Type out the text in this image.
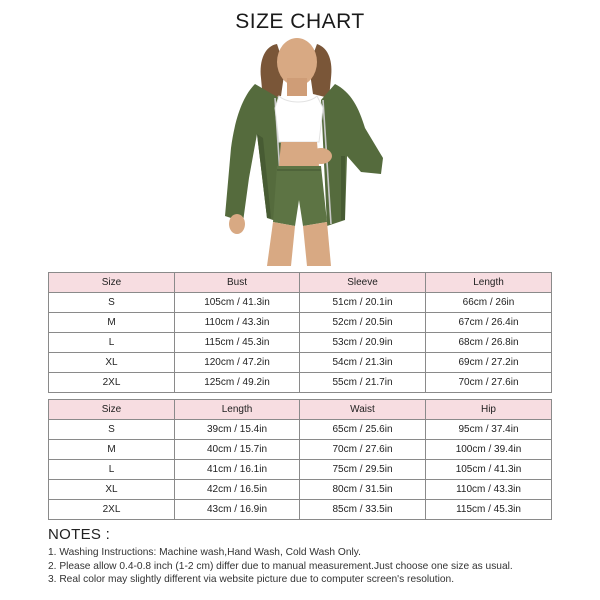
SIZE CHART
Size	Bust	Sleeve	Length
S	105cm / 41.3in	51cm / 20.1in	66cm / 26in
M	110cm / 43.3in	52cm / 20.5in	67cm / 26.4in
L	115cm / 45.3in	53cm / 20.9in	68cm / 26.8in
XL	120cm / 47.2in	54cm / 21.3in	69cm / 27.2in
2XL	125cm / 49.2in	55cm / 21.7in	70cm / 27.6in
Size	Length	Waist	Hip
S	39cm / 15.4in	65cm / 25.6in	95cm / 37.4in
M	40cm / 15.7in	70cm / 27.6in	100cm / 39.4in
L	41cm / 16.1in	75cm / 29.5in	105cm / 41.3in
XL	42cm / 16.5in	80cm / 31.5in	110cm / 43.3in
2XL	43cm / 16.9in	85cm / 33.5in	115cm / 45.3in
NOTES :
1. Washing Instructions: Machine wash,Hand Wash, Cold Wash Only.
2. Please allow 0.4-0.8 inch (1-2 cm) differ due to manual measurement.Just choose one size as usual.
3. Real color may slightly different via website picture due to computer screen's resolution.
